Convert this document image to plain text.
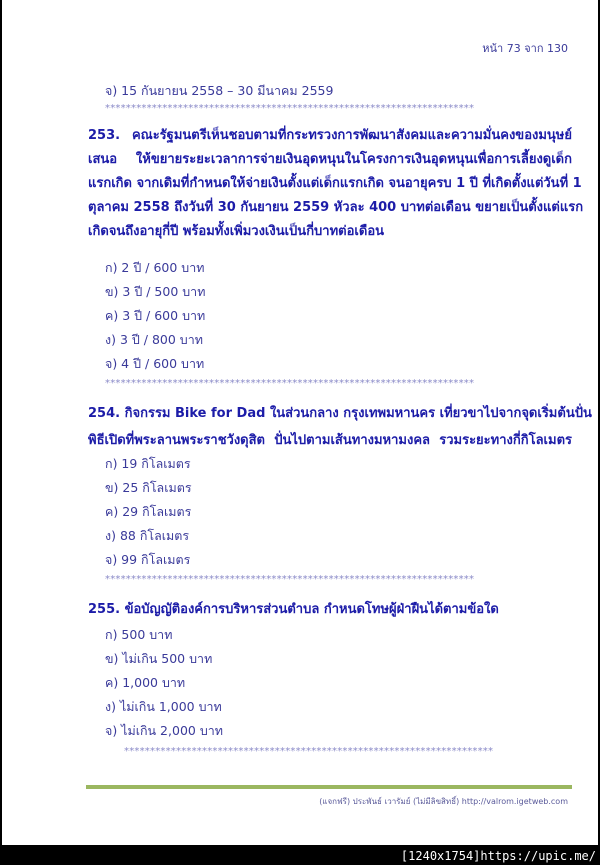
หน้า 73 จาก 130
จ) 15 กันยายน 2558 – 30 มีนาคม 2559
***********************************************************************
253. คณะรัฐมนตรีเห็นชอบตามที่กระทรวงการพัฒนาสังคมและความมั่นคงของมนุษย์
เสนอ ให้ขยายระยะเวลาการจ่ายเงินอุดหนุนในโครงการเงินอุดหนุนเพื่อการเลี้ยงดูเด็ก
แรกเกิด จากเดิมที่กำหนดให้จ่ายเงินตั้งแต่เด็กแรกเกิด จนอายุครบ 1 ปี ที่เกิดตั้งแต่วันที่ 1
ตุลาคม 2558 ถึงวันที่ 30 กันยายน 2559 หัวละ 400 บาทต่อเดือน ขยายเป็นตั้งแต่แรก
เกิดจนถึงอายุกี่ปี พร้อมทั้งเพิ่มวงเงินเป็นกี่บาทต่อเดือน
ก) 2 ปี / 600 บาท
ข) 3 ปี / 500 บาท
ค) 3 ปี / 600 บาท
ง) 3 ปี / 800 บาท
จ) 4 ปี / 600 บาท
***********************************************************************
254. กิจกรรม Bike for Dad ในส่วนกลาง กรุงเทพมหานคร เที่ยวขาไปจากจุดเริ่มต้นปั่น
พิธีเปิดที่พระลานพระราชวังดุสิต ปั่นไปตามเส้นทางมหามงคล รวมระยะทางกี่กิโลเมตร
ก) 19 กิโลเมตร
ข) 25 กิโลเมตร
ค) 29 กิโลเมตร
ง) 88 กิโลเมตร
จ) 99 กิโลเมตร
***********************************************************************
255. ข้อบัญญัติองค์การบริหารส่วนตำบล กำหนดโทษผู้ฝ่าฝืนได้ตามข้อใด
ก) 500 บาท
ข) ไม่เกิน 500 บาท
ค) 1,000 บาท
ง) ไม่เกิน 1,000 บาท
จ) ไม่เกิน 2,000 บาท
***********************************************************************
(แจกฟรี) ประพันธ์ เวารัมย์ (ไม่มีลิขสิทธิ์) http://valrom.igetweb.com
[1240x1754]https://upic.me/
